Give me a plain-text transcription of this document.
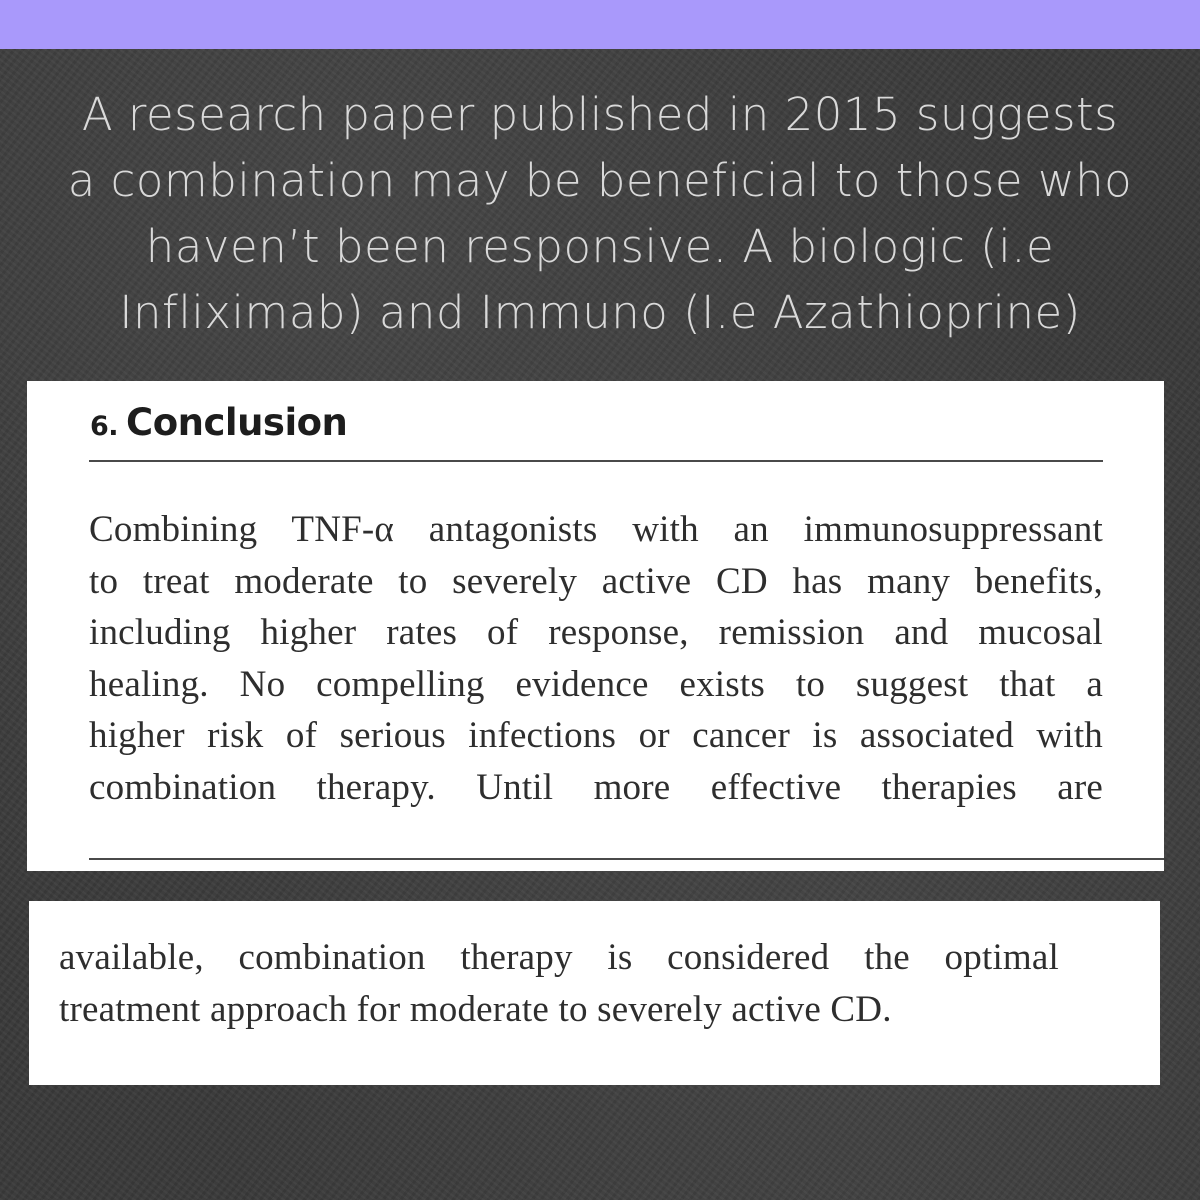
A research paper published in 2015 suggests
a combination may be beneficial to those who
haven’t been responsive. A biologic (i.e
Infliximab) and Immuno (I.e Azathioprine)
6. Conclusion

Combining TNF-α antagonists with an immunosuppressant
to treat moderate to severely active CD has many benefits,
including higher rates of response, remission and mucosal
healing. No compelling evidence exists to suggest that a
higher risk of serious infections or cancer is associated with
combination therapy. Until more effective therapies are

available, combination therapy is considered the optimal
treatment approach for moderate to severely active CD.
